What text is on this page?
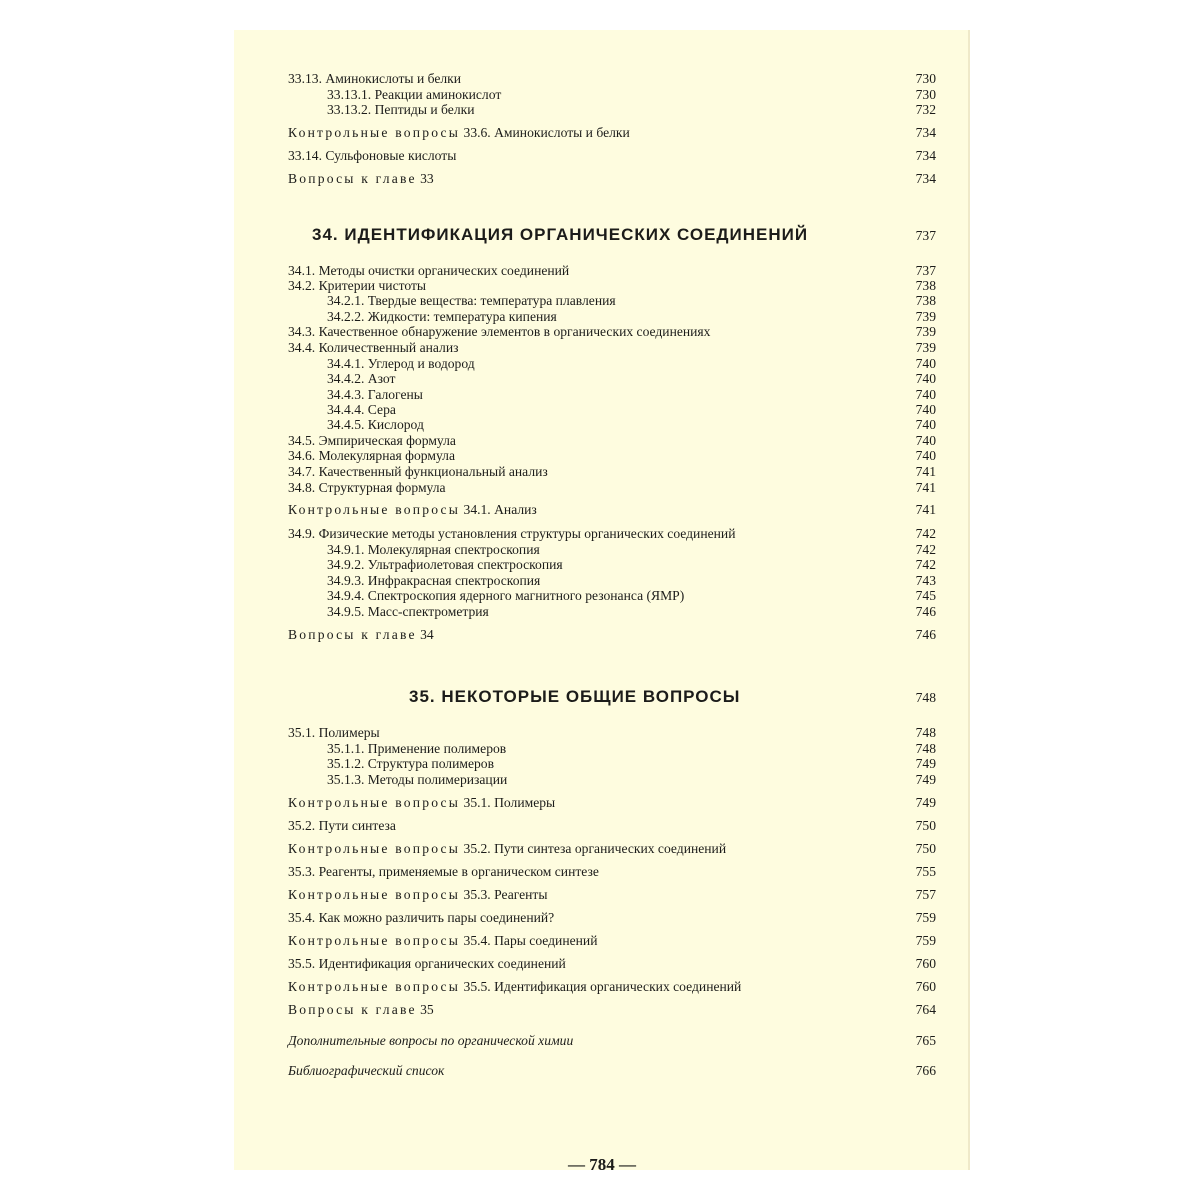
33.13. Аминокислоты и белки	730
33.13.1. Реакции аминокислот	730
33.13.2. Пептиды и белки	732
Контрольные вопросы 33.6. Аминокислоты и белки	734
33.14. Сульфоновые кислоты	734
Вопросы к главе 33	734
34. ИДЕНТИФИКАЦИЯ ОРГАНИЧЕСКИХ СОЕДИНЕНИЙ	737
34.1. Методы очистки органических соединений	737
34.2. Критерии чистоты	738
34.2.1. Твердые вещества: температура плавления	738
34.2.2. Жидкости: температура кипения	739
34.3. Качественное обнаружение элементов в органических соединениях	739
34.4. Количественный анализ	739
34.4.1. Углерод и водород	740
34.4.2. Азот	740
34.4.3. Галогены	740
34.4.4. Сера	740
34.4.5. Кислород	740
34.5. Эмпирическая формула	740
34.6. Молекулярная формула	740
34.7. Качественный функциональный анализ	741
34.8. Структурная формула	741
Контрольные вопросы 34.1. Анализ	741
34.9. Физические методы установления структуры органических соединений	742
34.9.1. Молекулярная спектроскопия	742
34.9.2. Ультрафиолетовая спектроскопия	742
34.9.3. Инфракрасная спектроскопия	743
34.9.4. Спектроскопия ядерного магнитного резонанса (ЯМР)	745
34.9.5. Масс-спектрометрия	746
Вопросы к главе 34	746
35. НЕКОТОРЫЕ ОБЩИЕ ВОПРОСЫ	748
35.1. Полимеры	748
35.1.1. Применение полимеров	748
35.1.2. Структура полимеров	749
35.1.3. Методы полимеризации	749
Контрольные вопросы 35.1. Полимеры	749
35.2. Пути синтеза	750
Контрольные вопросы 35.2. Пути синтеза органических соединений	750
35.3. Реагенты, применяемые в органическом синтезе	755
Контрольные вопросы 35.3. Реагенты	757
35.4. Как можно различить пары соединений?	759
Контрольные вопросы 35.4. Пары соединений	759
35.5. Идентификация органических соединений	760
Контрольные вопросы 35.5. Идентификация органических соединений	760
Вопросы к главе 35	764
Дополнительные вопросы по органической химии	765
Библиографический список	766
— 784 —
